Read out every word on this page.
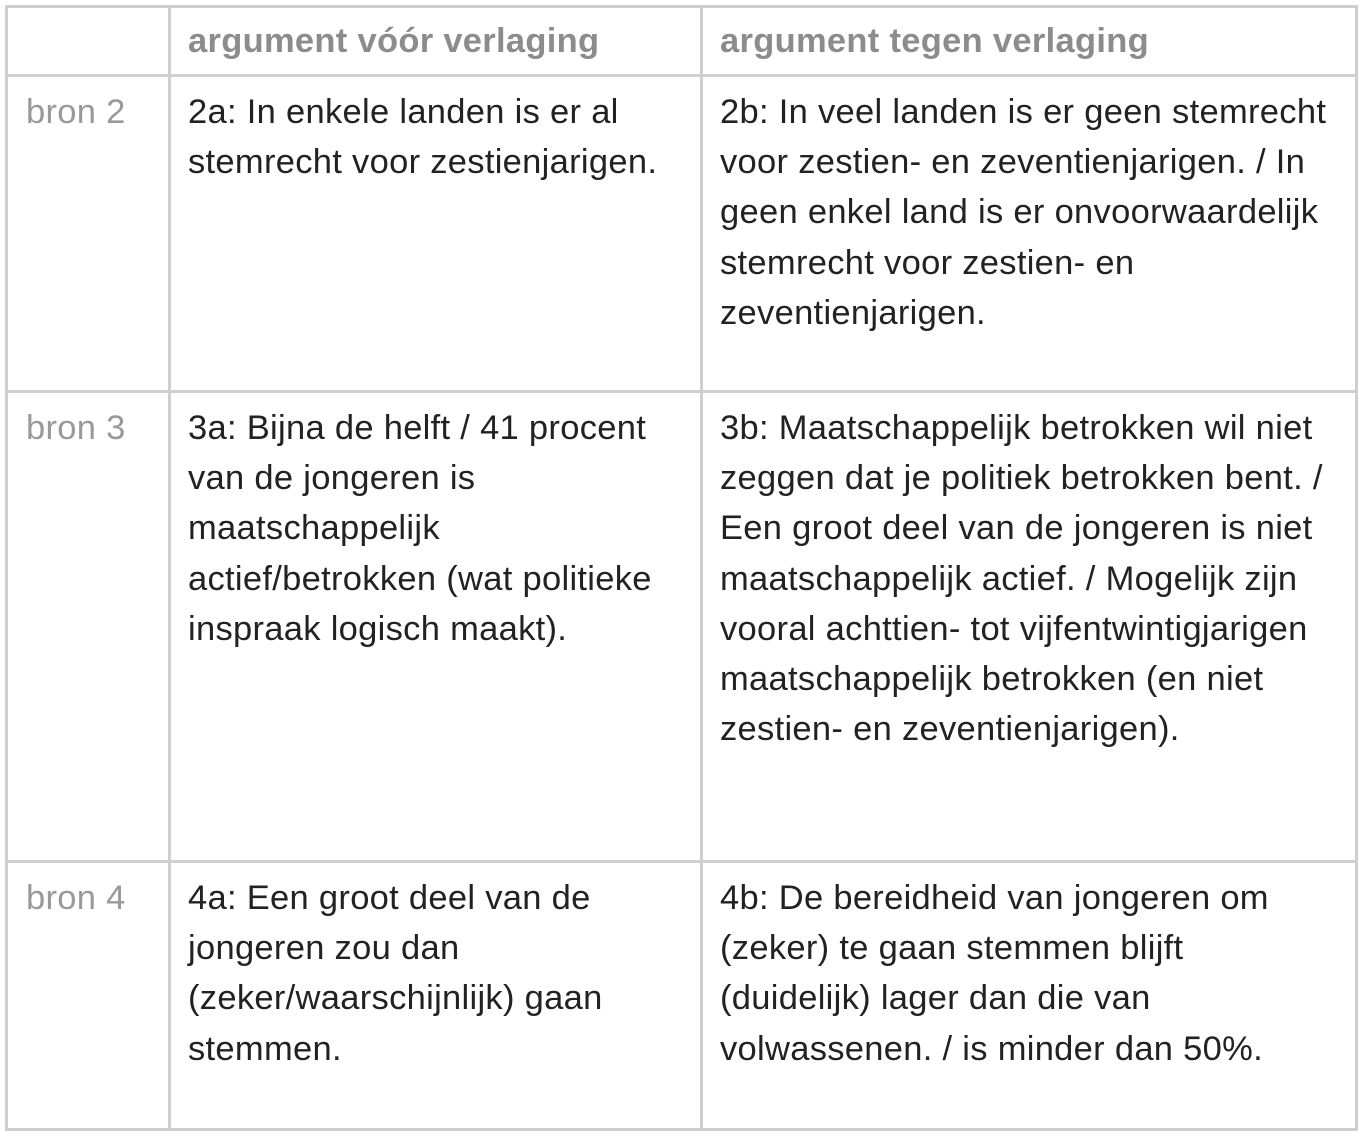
	argument vóór verlaging	argument tegen verlaging
bron 2	2a: In enkele landen is er al stemrecht voor zestienjarigen.	2b: In veel landen is er geen stemrecht voor zestien- en zeventienjarigen. / In geen enkel land is er onvoorwaardelijk stemrecht voor zestien- en zeventienjarigen.
bron 3	3a: Bijna de helft / 41 procent van de jongeren is maatschappelijk actief/betrokken (wat politieke inspraak logisch maakt).	3b: Maatschappelijk betrokken wil niet zeggen dat je politiek betrokken bent. / Een groot deel van de jongeren is niet maatschappelijk actief. / Mogelijk zijn vooral achttien- tot vijfentwintigjarigen maatschappelijk betrokken (en niet zestien- en zeventienjarigen).
bron 4	4a: Een groot deel van de jongeren zou dan (zeker/waarschijnlijk) gaan stemmen.	4b: De bereidheid van jongeren om (zeker) te gaan stemmen blijft (duidelijk) lager dan die van volwassenen. / is minder dan 50%.
